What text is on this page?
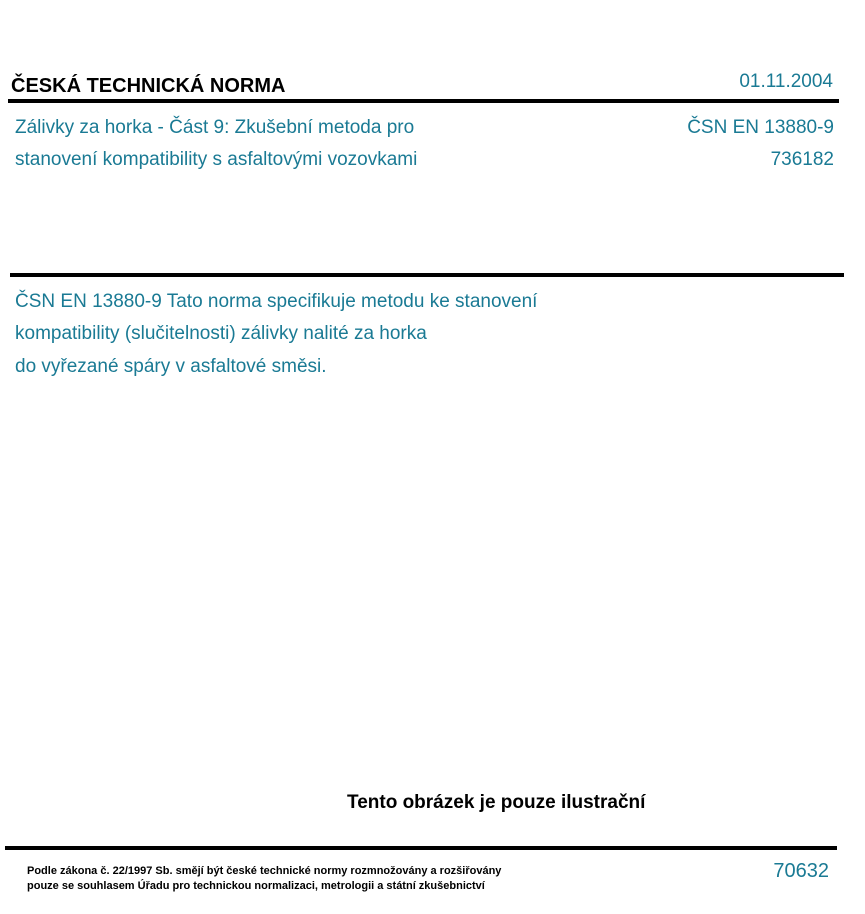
ČESKÁ TECHNICKÁ NORMA	01.11.2004
Zálivky za horka - Část 9: Zkušební metoda pro
stanovení kompatibility s asfaltovými vozovkami
ČSN EN 13880-9
736182
ČSN EN 13880-9 Tato norma specifikuje metodu ke stanovení
kompatibility (slučitelnosti) zálivky nalité za horka
do vyřezané spáry v asfaltové směsi.
Tento obrázek je pouze ilustrační
Podle zákona č. 22/1997 Sb. smějí být české technické normy rozmnožovány a rozšiřovány
pouze se souhlasem Úřadu pro technickou normalizaci, metrologii a státní zkušebnictví
70632
